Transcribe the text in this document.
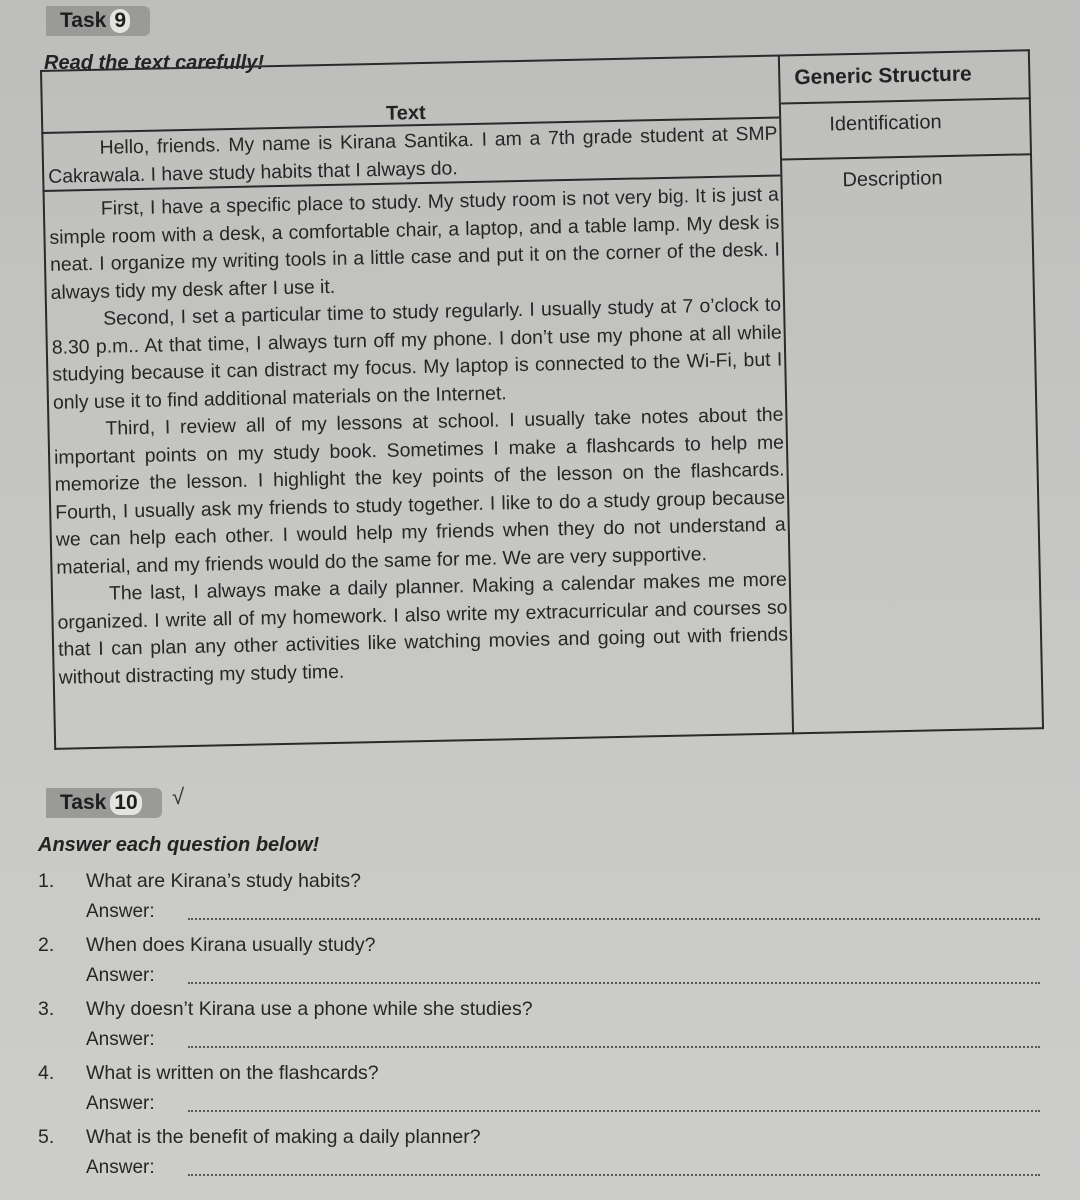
Task 9
Read the text carefully!
Text
Generic Structure
Identification
Description

Hello, friends. My name is Kirana Santika. I am a 7th grade student at SMP Cakrawala. I have study habits that I always do.

First, I have a specific place to study. My study room is not very big. It is just a simple room with a desk, a comfortable chair, a laptop, and a table lamp. My desk is neat. I organize my writing tools in a little case and put it on the corner of the desk. I always tidy my desk after I use it.

Second, I set a particular time to study regularly. I usually study at 7 o’clock to 8.30 p.m.. At that time, I always turn off my phone. I don’t use my phone at all while studying because it can distract my focus. My laptop is connected to the Wi-Fi, but I only use it to find additional materials on the Internet.

Third, I review all of my lessons at school. I usually take notes about the important points on my study book. Sometimes I make a flashcards to help me memorize the lesson. I highlight the key points of the lesson on the flashcards. Fourth, I usually ask my friends to study together. I like to do a study group because we can help each other. I would help my friends when they do not understand a material, and my friends would do the same for me. We are very supportive.

The last, I always make a daily planner. Making a calendar makes me more organized. I write all of my homework. I also write my extracurricular and courses so that I can plan any other activities like watching movies and going out with friends without distracting my study time.

Task 10	√
Answer each question below!
1. What are Kirana’s study habits?
Answer:
2. When does Kirana usually study?
Answer:
3. Why doesn’t Kirana use a phone while she studies?
Answer:
4. What is written on the flashcards?
Answer:
5. What is the benefit of making a daily planner?
Answer:
